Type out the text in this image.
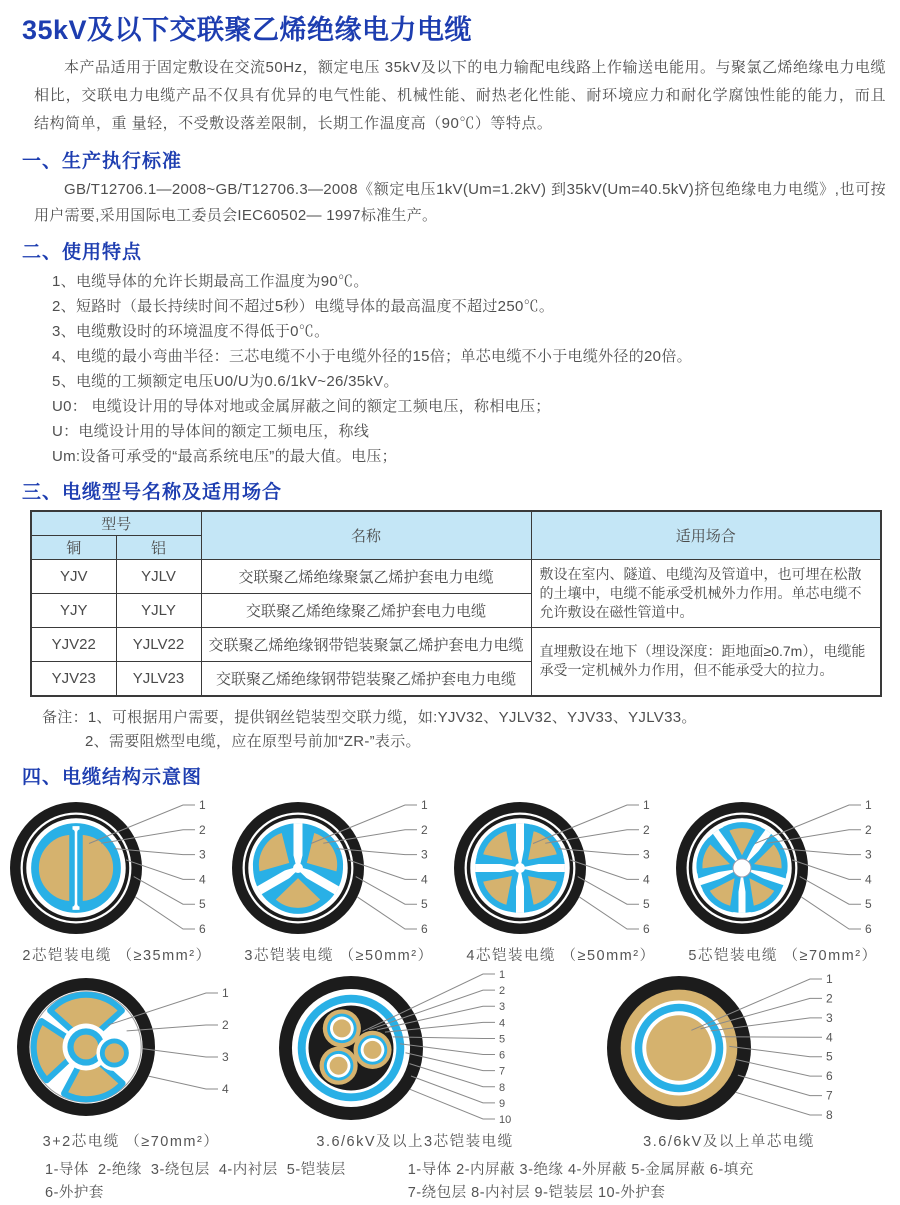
35kV及以下交联聚乙烯绝缘电力电缆
本产品适用于固定敷设在交流50Hz，额定电压 35kV及以下的电力输配电线路上作输送电能用。与聚氯乙烯绝缘电力电缆相比，交联电力电缆产品不仅具有优异的电气性能、机械性能、耐热老化性能、耐环境应力和耐化学腐蚀性能的能力，而且结构简单，重 量轻，不受敷设落差限制，长期工作温度高（90℃）等特点。
一、生产执行标准
GB/T12706.1—2008~GB/T12706.3—2008《额定电压1kV(Um=1.2kV) 到35kV(Um=40.5kV)挤包绝缘电力电缆》,也可按用户需要,采用国际电工委员会IEC60502— 1997标准生产。
二、使用特点
1、电缆导体的允许长期最高工作温度为90℃。
2、短路时（最长持续时间不超过5秒）电缆导体的最高温度不超过250℃。
3、电缆敷设时的环境温度不得低于0℃。
4、电缆的最小弯曲半径：三芯电缆不小于电缆外径的15倍；单芯电缆不小于电缆外径的20倍。
5、电缆的工频额定电压U0/U为0.6/1kV~26/35kV。
U0： 电缆设计用的导体对地或金属屏蔽之间的额定工频电压，称相电压；
U：电缆设计用的导体间的额定工频电压，称线
Um:设备可承受的“最高系统电压”的最大值。电压；
三、电缆型号名称及适用场合
型号		名称	适用场合
铜	铝		
YJV	YJLV	交联聚乙烯绝缘聚氯乙烯护套电力电缆	敷设在室内、隧道、电缆沟及管道中，也可埋在松散的土壤中，电缆不能承受机械外力作用。单芯电缆不允许敷设在磁性管道中。
YJY	YJLY	交联聚乙烯绝缘聚乙烯护套电力电缆	
YJV22	YJLV22	交联聚乙烯绝缘钢带铠装聚氯乙烯护套电力电缆	直埋敷设在地下（埋设深度：距地面≥0.7m），电缆能承受一定机械外力作用，但不能承受大的拉力。
YJV23	YJLV23	交联聚乙烯绝缘钢带铠装聚乙烯护套电力电缆	
备注：1、可根据用户需要，提供钢丝铠装型交联力缆，如:YJV32、YJLV32、YJV33、YJLV33。
2、需要阻燃型电缆，应在原型号前加“ZR-”表示。
四、电缆结构示意图
1
2
3
4
5
6
2芯铠装电缆 （≥35mm²）
1
2
3
4
5
6
3芯铠装电缆 （≥50mm²）
1
2
3
4
5
6
4芯铠装电缆 （≥50mm²）
1
2
3
4
5
6
5芯铠装电缆 （≥70mm²）
1
2
3
4
3+2芯电缆 （≥70mm²）
1
2
3
4
5
6
7
8
9
10
3.6/6kV及以上3芯铠装电缆
1
2
3
4
5
6
7
8
3.6/6kV及以上单芯电缆
1-导体  2-绝缘  3-绕包层  4-内衬层  5-铠装层
6-外护套
1-导体 2-内屏蔽 3-绝缘 4-外屏蔽 5-金属屏蔽 6-填充
7-绕包层 8-内衬层 9-铠装层 10-外护套
